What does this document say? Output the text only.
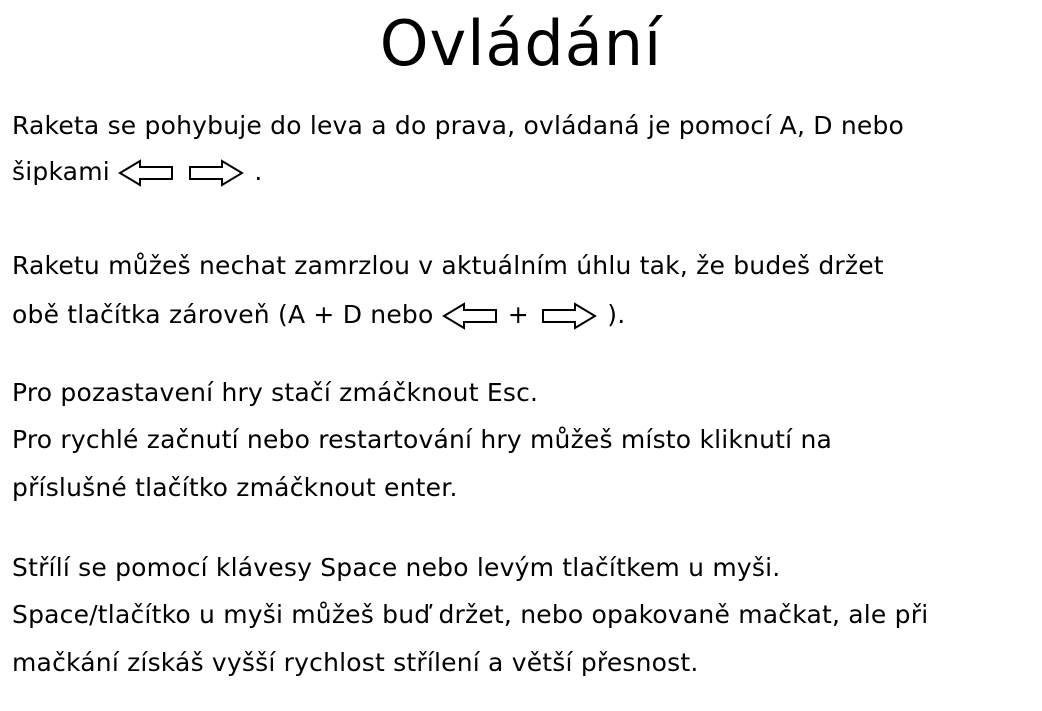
Ovládání
Raketa se pohybuje do leva a do prava, ovládaná je pomocí A, D nebo
šipkami	.
Raketu můžeš nechat zamrzlou v aktuálním úhlu tak, že budeš držet
obě tlačítka zároveň (A + D nebo	+	).
Pro pozastavení hry stačí zmáčknout Esc.
Pro rychlé začnutí nebo restartování hry můžeš místo kliknutí na
příslušné tlačítko zmáčknout enter.
Střílí se pomocí klávesy Space nebo levým tlačítkem u myši.
Space/tlačítko u myši můžeš buď držet, nebo opakovaně mačkat, ale při
mačkání získáš vyšší rychlost střílení a větší přesnost.
